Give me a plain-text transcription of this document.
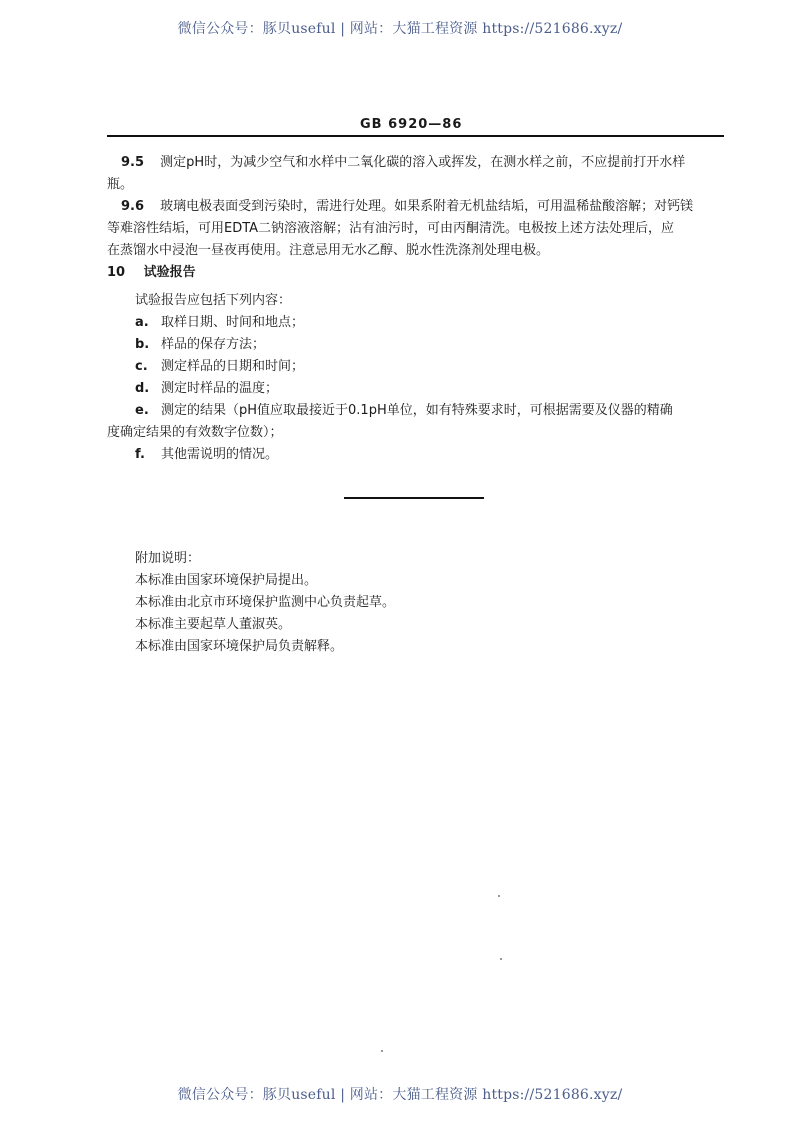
微信公众号：豚贝useful | 网站：大猫工程资源 https://521686.xyz/
GB 6920—86
9.5 测定pH时，为减少空气和水样中二氧化碳的溶入或挥发，在测水样之前，不应提前打开水样
瓶。
9.6 玻璃电极表面受到污染时，需进行处理。如果系附着无机盐结垢，可用温稀盐酸溶解；对钙镁
等难溶性结垢，可用EDTA二钠溶液溶解；沾有油污时，可由丙酮清洗。电极按上述方法处理后，应
在蒸馏水中浸泡一昼夜再使用。注意忌用无水乙醇、脱水性洗涤剂处理电极。
10 试验报告
试验报告应包括下列内容：
a. 取样日期、时间和地点；
b. 样品的保存方法；
c. 测定样品的日期和时间；
d. 测定时样品的温度；
e. 测定的结果（pH值应取最接近于0.1pH单位，如有特殊要求时，可根据需要及仪器的精确
度确定结果的有效数字位数）；
f. 其他需说明的情况。
附加说明：
本标准由国家环境保护局提出。
本标准由北京市环境保护监测中心负责起草。
本标准主要起草人董淑英。
本标准由国家环境保护局负责解释。
微信公众号：豚贝useful | 网站：大猫工程资源 https://521686.xyz/
